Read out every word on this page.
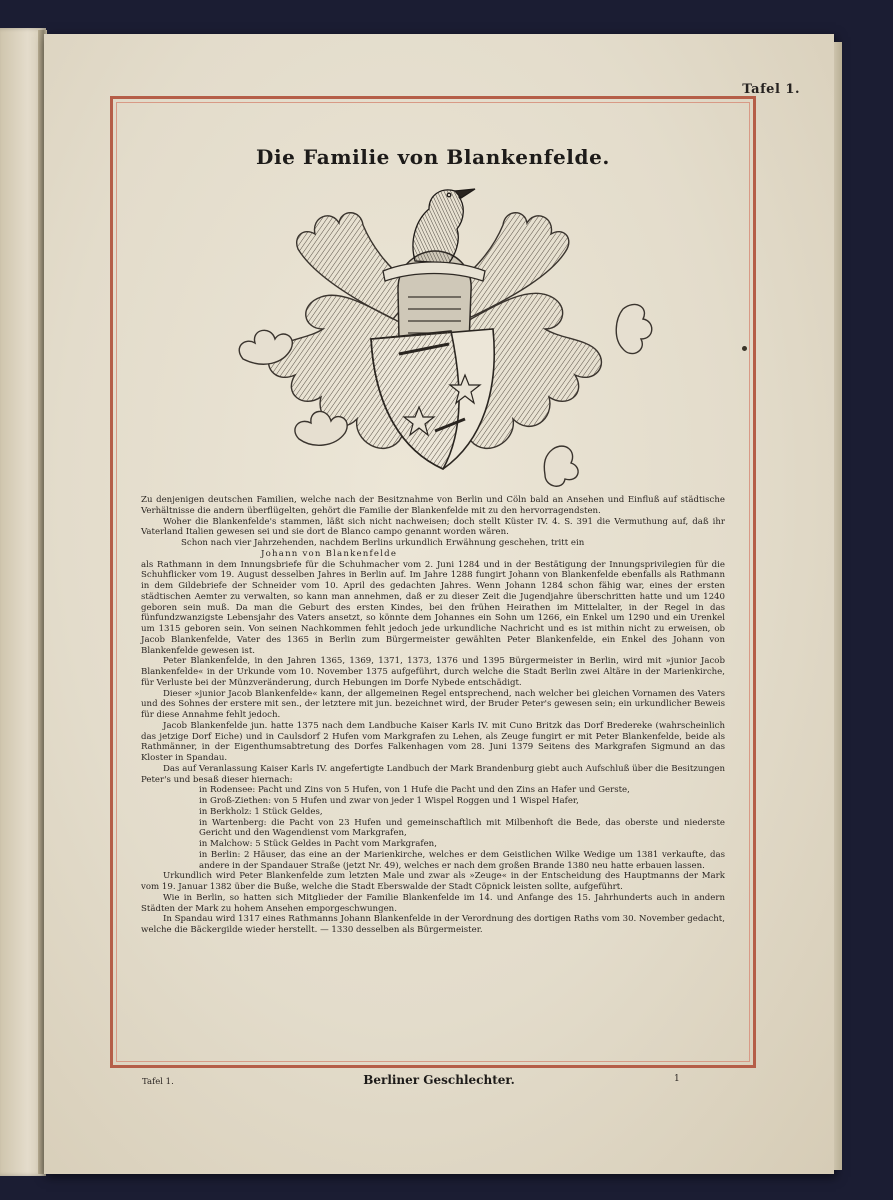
Tafel 1.
Die Familie von Blankenfelde.

Zu denjenigen deutschen Familien, welche nach der Besitznahme von Berlin und Cöln bald an Ansehen und Einfluß auf städtische Verhältnisse die andern überflügelten, gehört die Familie der Blankenfelde mit zu den hervorragendsten.

Woher die Blankenfelde's stammen, läßt sich nicht nachweisen; doch stellt Küster IV. 4. S. 391 die Vermuthung auf, daß ihr Vaterland Italien gewesen sei und sie dort de Blanco campo genannt worden wären.

Schon nach vier Jahrzehenden, nachdem Berlins urkundlich Erwähnung geschehen, tritt ein

Johann von Blankenfelde

als Rathmann in dem Innungsbriefe für die Schuhmacher vom 2. Juni 1284 und in der Bestätigung der Innungsprivilegien für die Schuhflicker vom 19. August desselben Jahres in Berlin auf. Im Jahre 1288 fungirt Johann von Blankenfelde ebenfalls als Rathmann in dem Gildebriefe der Schneider vom 10. April des gedachten Jahres. Wenn Johann 1284 schon fähig war, eines der ersten städtischen Aemter zu verwalten, so kann man annehmen, daß er zu dieser Zeit die Jugendjahre überschritten hatte und um 1240 geboren sein muß. Da man die Geburt des ersten Kindes, bei den frühen Heirathen im Mittelalter, in der Regel in das fünfundzwanzigste Lebensjahr des Vaters ansetzt, so könnte dem Johannes ein Sohn um 1266, ein Enkel um 1290 und ein Urenkel um 1315 geboren sein. Von seinen Nachkommen fehlt jedoch jede urkundliche Nachricht und es ist mithin nicht zu erweisen, ob Jacob Blankenfelde, Vater des 1365 in Berlin zum Bürgermeister gewählten Peter Blankenfelde, ein Enkel des Johann von Blankenfelde gewesen ist.

Peter Blankenfelde, in den Jahren 1365, 1369, 1371, 1373, 1376 und 1395 Bürgermeister in Berlin, wird mit »junior Jacob Blankenfelde« in der Urkunde vom 10. November 1375 aufgeführt, durch welche die Stadt Berlin zwei Altäre in der Marienkirche, für Verluste bei der Münzveränderung, durch Hebungen im Dorfe Nybede entschädigt.

Dieser »junior Jacob Blankenfelde« kann, der allgemeinen Regel entsprechend, nach welcher bei gleichen Vornamen des Vaters und des Sohnes der erstere mit sen., der letztere mit jun. bezeichnet wird, der Bruder Peter's gewesen sein; ein urkundlicher Beweis für diese Annahme fehlt jedoch.

Jacob Blankenfelde jun. hatte 1375 nach dem Landbuche Kaiser Karls IV. mit Cuno Britzk das Dorf Bredereke (wahrscheinlich das jetzige Dorf Eiche) und in Caulsdorf 2 Hufen vom Markgrafen zu Lehen, als Zeuge fungirt er mit Peter Blankenfelde, beide als Rathmänner, in der Eigenthumsabtretung des Dorfes Falkenhagen vom 28. Juni 1379 Seitens des Markgrafen Sigmund an das Kloster in Spandau.

Das auf Veranlassung Kaiser Karls IV. angefertigte Landbuch der Mark Brandenburg giebt auch Aufschluß über die Besitzungen Peter's und besaß dieser hiernach:

in Rodensee: Pacht und Zins von 5 Hufen, von 1 Hufe die Pacht und den Zins an Hafer und Gerste,

in Groß-Ziethen: von 5 Hufen und zwar von jeder 1 Wispel Roggen und 1 Wispel Hafer,

in Berkholz: 1 Stück Geldes,

in Wartenberg: die Pacht von 23 Hufen und gemeinschaftlich mit Milbenhoft die Bede, das oberste und niederste Gericht und den Wagendienst vom Markgrafen,

in Malchow: 5 Stück Geldes in Pacht vom Markgrafen,

in Berlin: 2 Häuser, das eine an der Marienkirche, welches er dem Geistlichen Wilke Wedige um 1381 verkaufte, das andere in der Spandauer Straße (jetzt Nr. 49), welches er nach dem großen Brande 1380 neu hatte erbauen lassen.

Urkundlich wird Peter Blankenfelde zum letzten Male und zwar als »Zeuge« in der Entscheidung des Hauptmanns der Mark vom 19. Januar 1382 über die Buße, welche die Stadt Eberswalde der Stadt Cöpnick leisten sollte, aufgeführt.

Wie in Berlin, so hatten sich Mitglieder der Familie Blankenfelde im 14. und Anfange des 15. Jahrhunderts auch in andern Städten der Mark zu hohem Ansehen emporgeschwungen.

In Spandau wird 1317 eines Rathmanns Johann Blankenfelde in der Verordnung des dortigen Raths vom 30. November gedacht, welche die Bäckergilde wieder herstellt. — 1330 desselben als Bürgermeister.

Tafel 1.	Berliner Geschlechter.	1
